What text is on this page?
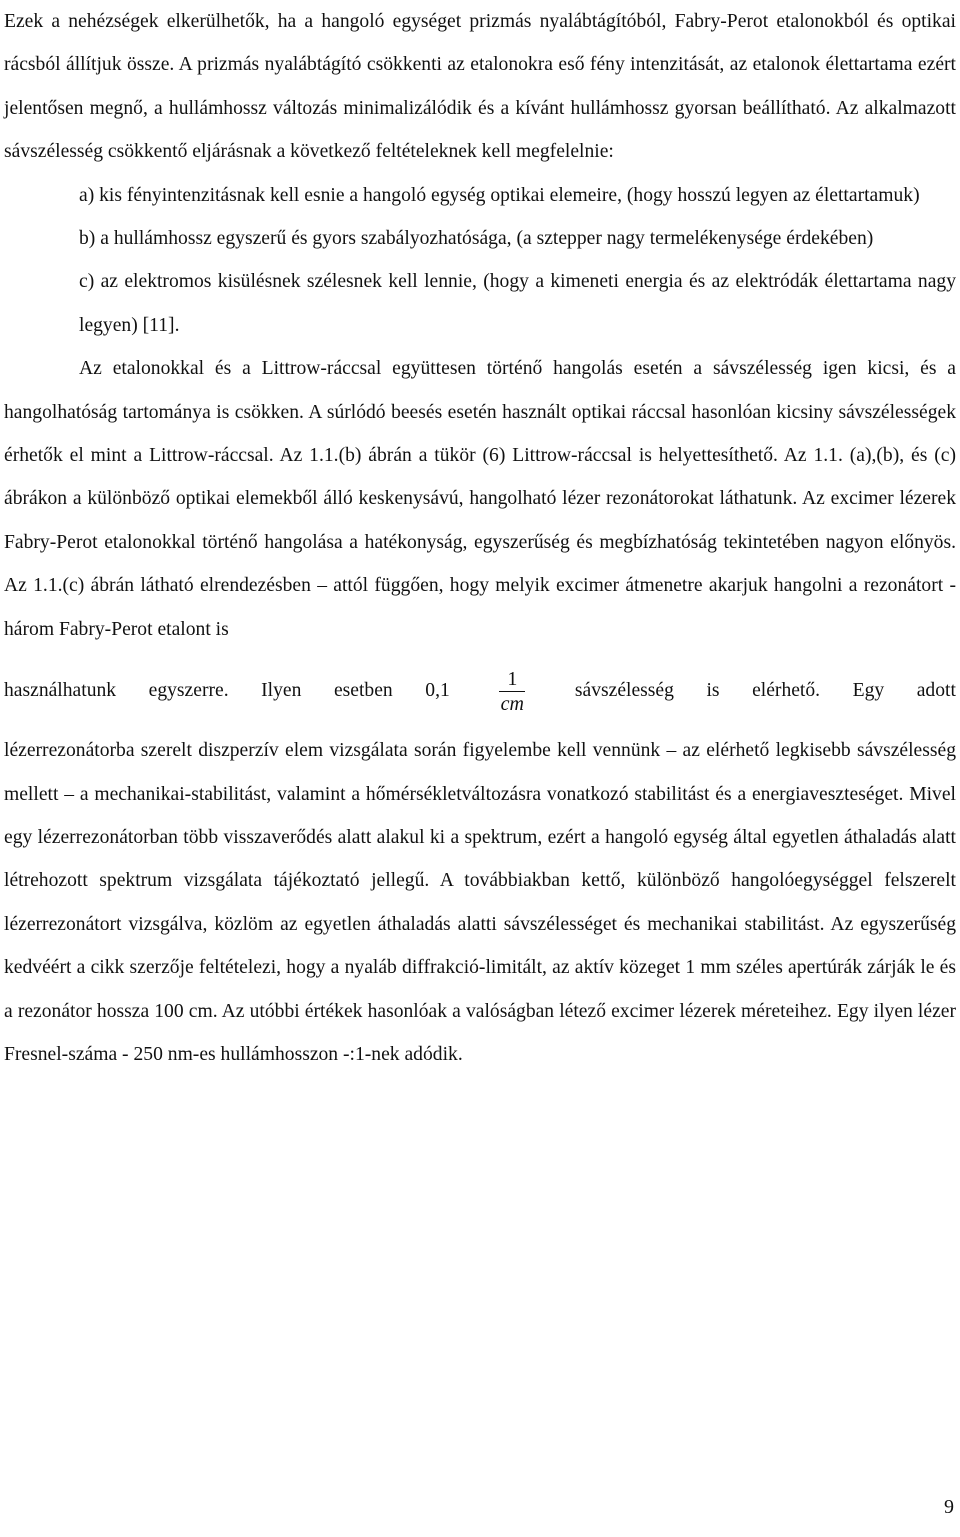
Ezek a nehézségek elkerülhetők, ha a hangoló egységet prizmás nyalábtágítóból, Fabry-Perot etalonokból és optikai rácsból állítjuk össze. A prizmás nyalábtágító csökkenti az etalonokra eső fény intenzitását, az etalonok élettartama ezért jelentősen megnő, a hullámhossz változás minimalizálódik és a kívánt hullámhossz gyorsan beállítható. Az alkalmazott sávszélesség csökkentő eljárásnak a következő feltételeknek kell megfelelnie:

a) kis fényintenzitásnak kell esnie a hangoló egység optikai elemeire, (hogy hosszú legyen az élettartamuk)

b) a hullámhossz egyszerű és gyors szabályozhatósága, (a sztepper nagy termelékenysége érdekében)

c) az elektromos kisülésnek szélesnek kell lennie, (hogy a kimeneti energia és az elektródák élettartama nagy legyen) [11].

Az etalonokkal és a Littrow-ráccsal együttesen történő hangolás esetén a sávszélesség igen kicsi, és a hangolhatóság tartománya is csökken. A súrlódó beesés esetén használt optikai ráccsal hasonlóan kicsiny sávszélességek érhetők el mint a Littrow-ráccsal. Az 1.1.(b) ábrán a tükör (6) Littrow-ráccsal is helyettesíthető. Az 1.1. (a),(b), és (c) ábrákon a különböző optikai elemekből álló keskenysávú, hangolható lézer rezonátorokat láthatunk. Az excimer lézerek Fabry-Perot etalonokkal történő hangolása a hatékonyság, egyszerűség és megbízhatóság tekintetében nagyon előnyös. Az 1.1.(c) ábrán látható elrendezésben – attól függően, hogy melyik excimer átmenetre akarjuk hangolni a rezonátort -három Fabry-Perot etalont is

használhatunk egyszerre. Ilyen esetben $0,1 \frac{1}{cm}$ sávszélesség is elérhető. Egy adott

lézerrezonátorba szerelt diszperzív elem vizsgálata során figyelembe kell vennünk – az elérhető legkisebb sávszélesség mellett – a mechanikai-stabilitást, valamint a hőmérsékletváltozásra vonatkozó stabilitást és a energiaveszteséget. Mivel egy lézerrezonátorban több visszaverődés alatt alakul ki a spektrum, ezért a hangoló egység által egyetlen áthaladás alatt létrehozott spektrum vizsgálata tájékoztató jellegű. A továbbiakban kettő, különböző hangolóegységgel felszerelt lézerrezonátort vizsgálva, közlöm az egyetlen áthaladás alatti sávszélességet és mechanikai stabilitást. Az egyszerűség kedvéért a cikk szerzője feltételezi, hogy a nyaláb diffrakció-limitált, az aktív közeget 1 mm széles apertúrák zárják le és a rezonátor hossza 100 cm. Az utóbbi értékek hasonlóak a valóságban létező excimer lézerek méreteihez. Egy ilyen lézer Fresnel-száma - 250 nm-es hullámhosszon -:1-nek adódik.

9
